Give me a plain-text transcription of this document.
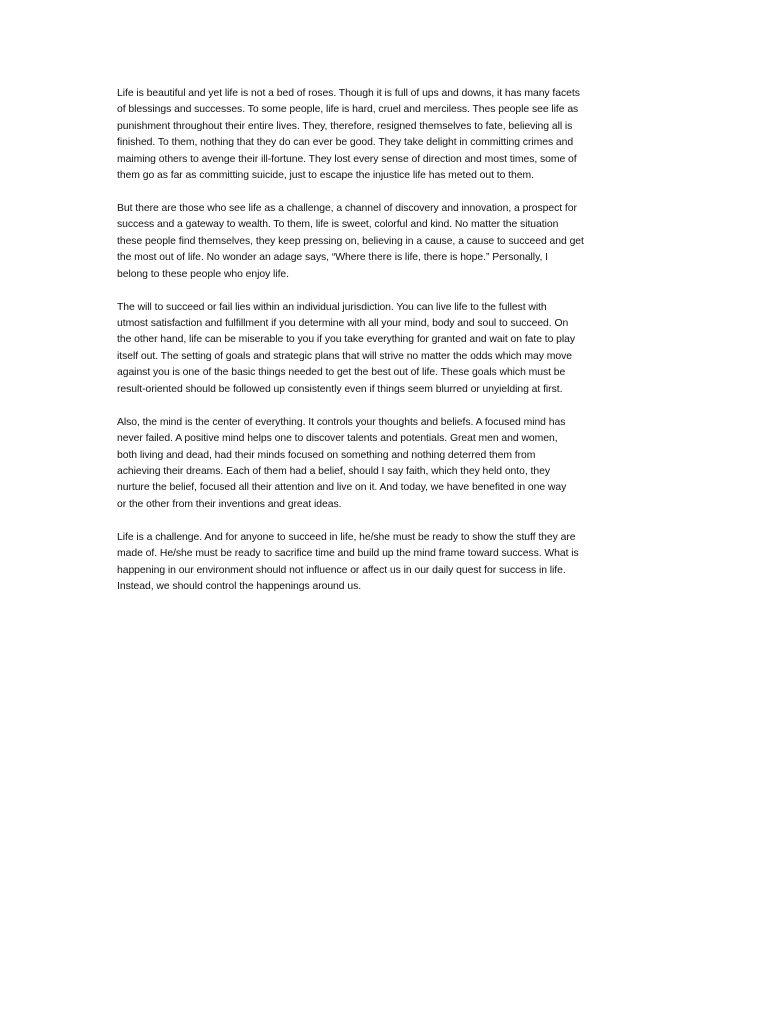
Life is beautiful and yet life is not a bed of roses. Though it is full of ups and downs, it has many facets
of blessings and successes. To some people, life is hard, cruel and merciless. Thes people see life as
punishment throughout their entire lives. They, therefore, resigned themselves to fate, believing all is
finished. To them, nothing that they do can ever be good. They take delight in committing crimes and
maiming others to avenge their ill-fortune. They lost every sense of direction and most times, some of
them go as far as committing suicide, just to escape the injustice life has meted out to them.

But there are those who see life as a challenge, a channel of discovery and innovation, a prospect for
success and a gateway to wealth. To them, life is sweet, colorful and kind. No matter the situation
these people find themselves, they keep pressing on, believing in a cause, a cause to succeed and get
the most out of life. No wonder an adage says, “Where there is life, there is hope.” Personally, I
belong to these people who enjoy life.

The will to succeed or fail lies within an individual jurisdiction. You can live life to the fullest with
utmost satisfaction and fulfillment if you determine with all your mind, body and soul to succeed. On
the other hand, life can be miserable to you if you take everything for granted and wait on fate to play
itself out. The setting of goals and strategic plans that will strive no matter the odds which may move
against you is one of the basic things needed to get the best out of life. These goals which must be
result-oriented should be followed up consistently even if things seem blurred or unyielding at first.

Also, the mind is the center of everything. It controls your thoughts and beliefs. A focused mind has
never failed. A positive mind helps one to discover talents and potentials. Great men and women,
both living and dead, had their minds focused on something and nothing deterred them from
achieving their dreams. Each of them had a belief, should I say faith, which they held onto, they
nurture the belief, focused all their attention and live on it. And today, we have benefited in one way
or the other from their inventions and great ideas.

Life is a challenge. And for anyone to succeed in life, he/she must be ready to show the stuff they are
made of. He/she must be ready to sacrifice time and build up the mind frame toward success. What is
happening in our environment should not influence or affect us in our daily quest for success in life.
Instead, we should control the happenings around us.
